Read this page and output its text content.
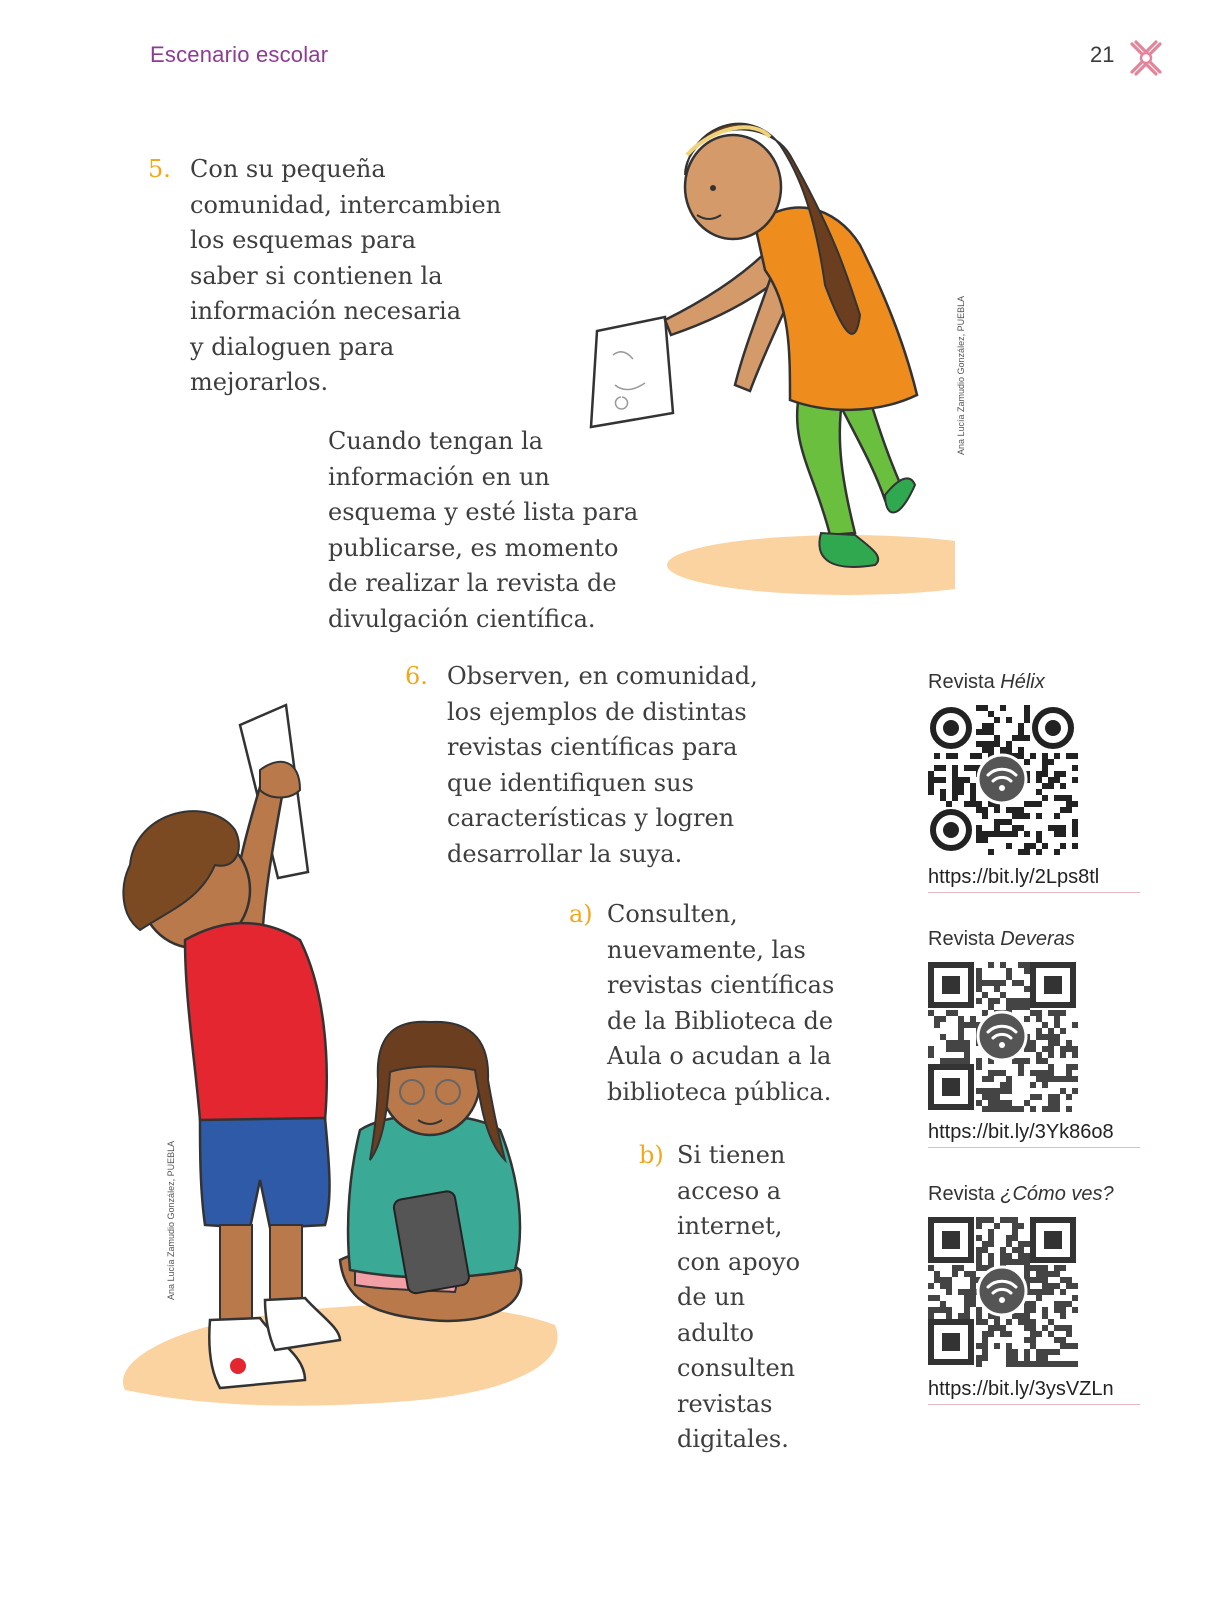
Escenario escolar	21
5. Con su pequeña
comunidad, intercambien
los esquemas para
saber si contienen la
información necesaria
y dialoguen para
mejorarlos.
Cuando tengan la
información en un
esquema y esté lista para
publicarse, es momento
de realizar la revista de
divulgación científica.
6. Observen, en comunidad,
los ejemplos de distintas
revistas científicas para
que identifiquen sus
características y logren
desarrollar la suya.
a) Consulten,
nuevamente, las
revistas científicas
de la Biblioteca de
Aula o acudan a la
biblioteca pública.
b) Si tienen
acceso a
internet,
con apoyo
de un
adulto
consulten
revistas
digitales.
Ana Lucía Zamudio González, PUEBLA
Ana Lucía Zamudio González, PUEBLA
Revista Hélix
https://bit.ly/2Lps8tl
Revista Deveras
https://bit.ly/3Yk86o8
Revista ¿Cómo ves?
https://bit.ly/3ysVZLn
